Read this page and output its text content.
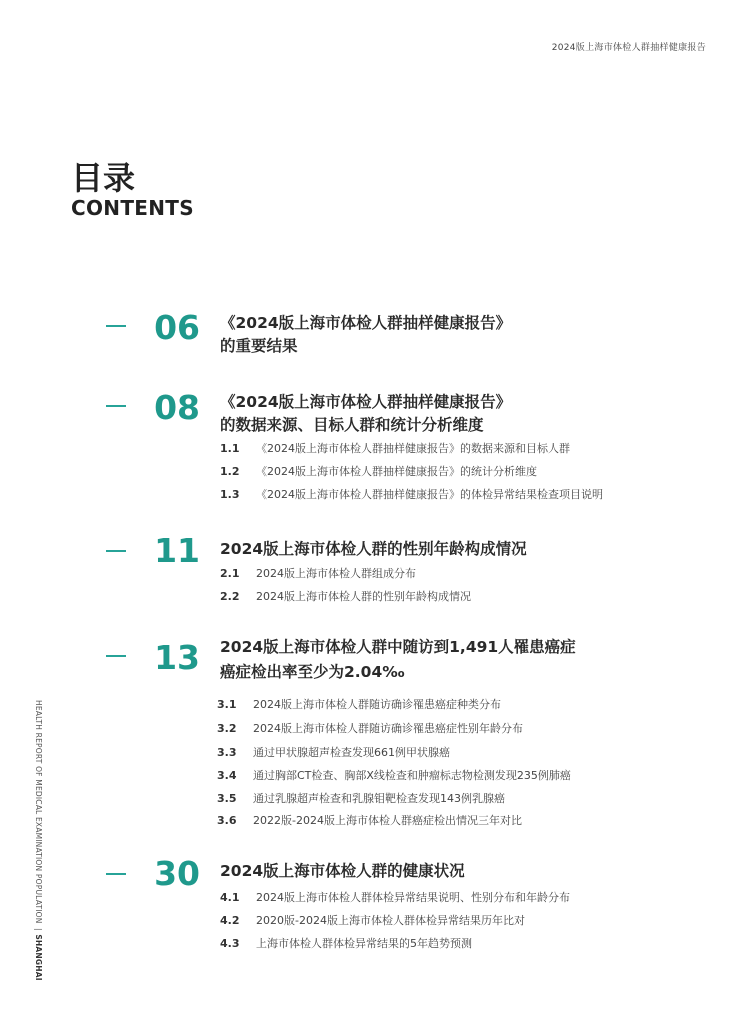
2024版上海市体检人群抽样健康报告
目录
CONTENTS
HEALTH REPORT OF MEDICAL EXAMINATION POPULATION|SHANGHAI
06 《2024版上海市体检人群抽样健康报告》
的重要结果
08 《2024版上海市体检人群抽样健康报告》
的数据来源、目标人群和统计分析维度
1.1 《2024版上海市体检人群抽样健康报告》的数据来源和目标人群
1.2 《2024版上海市体检人群抽样健康报告》的统计分析维度
1.3 《2024版上海市体检人群抽样健康报告》的体检异常结果检查项目说明
11 2024版上海市体检人群的性别年龄构成情况
2.1 2024版上海市体检人群组成分布
2.2 2024版上海市体检人群的性别年龄构成情况
13 2024版上海市体检人群中随访到1,491人罹患癌症
癌症检出率至少为2.04‰
3.1 2024版上海市体检人群随访确诊罹患癌症种类分布
3.2 2024版上海市体检人群随访确诊罹患癌症性别年龄分布
3.3 通过甲状腺超声检查发现661例甲状腺癌
3.4 通过胸部CT检查、胸部X线检查和肿瘤标志物检测发现235例肺癌
3.5 通过乳腺超声检查和乳腺钼靶检查发现143例乳腺癌
3.6 2022版-2024版上海市体检人群癌症检出情况三年对比
30 2024版上海市体检人群的健康状况
4.1 2024版上海市体检人群体检异常结果说明、性别分布和年龄分布
4.2 2020版-2024版上海市体检人群体检异常结果历年比对
4.3 上海市体检人群体检异常结果的5年趋势预测
